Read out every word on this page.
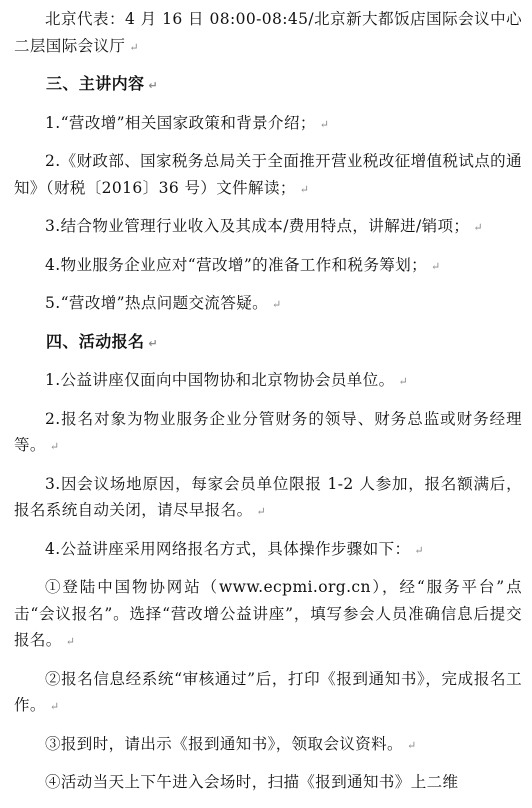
北京代表：4 月 16 日 08:00-08:45/北京新大都饭店国际会议中心二层国际会议厅 ↵

三、主讲内容 ↵

1.“营改增”相关国家政策和背景介绍； ↵

2.《财政部、国家税务总局关于全面推开营业税改征增值税试点的通知》（财税〔2016〕36 号）文件解读； ↵

3.结合物业管理行业收入及其成本/费用特点，讲解进/销项； ↵

4.物业服务企业应对“营改增”的准备工作和税务筹划； ↵

5.“营改增”热点问题交流答疑。 ↵

四、活动报名 ↵

1.公益讲座仅面向中国物协和北京物协会员单位。 ↵

2.报名对象为物业服务企业分管财务的领导、财务总监或财务经理等。 ↵

3.因会议场地原因，每家会员单位限报 1-2 人参加，报名额满后，报名系统自动关闭，请尽早报名。 ↵

4.公益讲座采用网络报名方式，具体操作步骤如下： ↵

①登陆中国物协网站（www.ecpmi.org.cn），经“服务平台”点击“会议报名”。选择“营改增公益讲座”，填写参会人员准确信息后提交报名。 ↵

②报名信息经系统“审核通过”后，打印《报到通知书》，完成报名工作。 ↵

③报到时，请出示《报到通知书》，领取会议资料。 ↵

④活动当天上下午进入会场时，扫描《报到通知书》上二维
